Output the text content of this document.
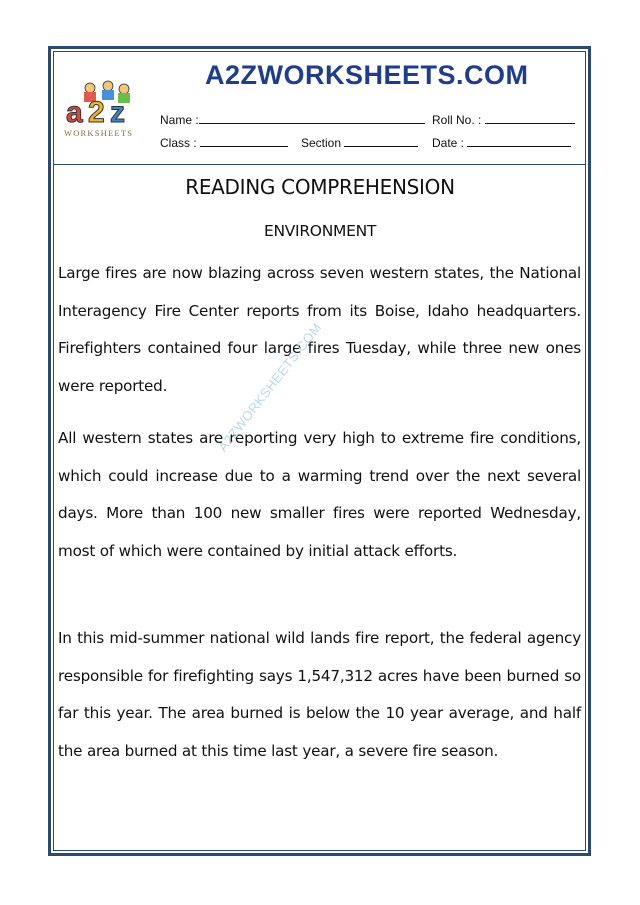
a 2 z
WORKSHEETS
A2ZWORKSHEETS.COM
Name :	Roll No. :
Class :	Section	Date :
READING COMPREHENSION
ENVIRONMENT

Large fires are now blazing across seven western states, the National Interagency Fire Center reports from its Boise, Idaho headquarters. Firefighters contained four large fires Tuesday, while three new ones were reported.

All western states are reporting very high to extreme fire conditions, which could increase due to a warming trend over the next several days. More than 100 new smaller fires were reported Wednesday, most of which were contained by initial attack efforts.

In this mid-summer national wild lands fire report, the federal agency responsible for firefighting says 1,547,312 acres have been burned so far this year. The area burned is below the 10 year average, and half the area burned at this time last year, a severe fire season.

A2ZWORKSHEETS.COM
